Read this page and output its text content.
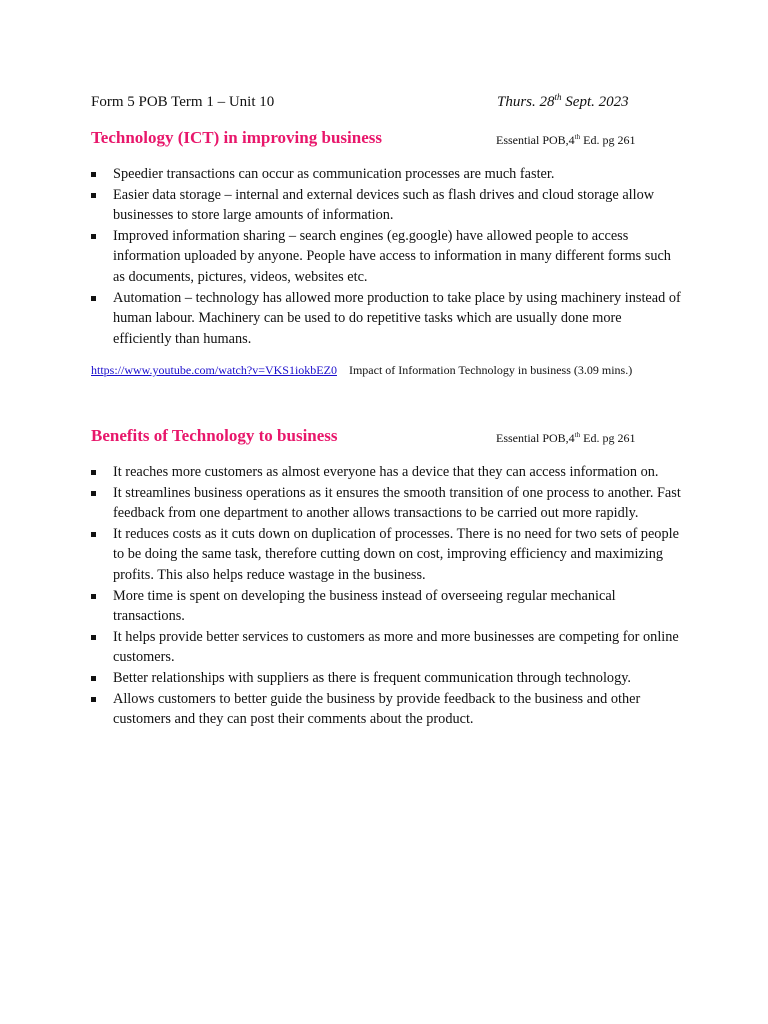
Form 5 POB Term 1 – Unit 10	Thurs. 28th Sept. 2023
Technology (ICT) in improving business	Essential POB,4th Ed. pg 261
Speedier transactions can occur as communication processes are much faster.
Easier data storage – internal and external devices such as flash drives and cloud storage allow businesses to store large amounts of information.
Improved information sharing – search engines (eg.google) have allowed people to access information uploaded by anyone. People have access to information in many different forms such as documents, pictures, videos, websites etc.
Automation – technology has allowed more production to take place by using machinery instead of human labour. Machinery can be used to do repetitive tasks which are usually done more efficiently than humans.
https://www.youtube.com/watch?v=VKS1iokbEZ0 Impact of Information Technology in business (3.09 mins.)
Benefits of Technology to business	Essential POB,4th Ed. pg 261
It reaches more customers as almost everyone has a device that they can access information on.
It streamlines business operations as it ensures the smooth transition of one process to another. Fast feedback from one department to another allows transactions to be carried out more rapidly.
It reduces costs as it cuts down on duplication of processes. There is no need for two sets of people to be doing the same task, therefore cutting down on cost, improving efficiency and maximizing profits. This also helps reduce wastage in the business.
More time is spent on developing the business instead of overseeing regular mechanical transactions.
It helps provide better services to customers as more and more businesses are competing for online customers.
Better relationships with suppliers as there is frequent communication through technology.
Allows customers to better guide the business by provide feedback to the business and other customers and they can post their comments about the product.
